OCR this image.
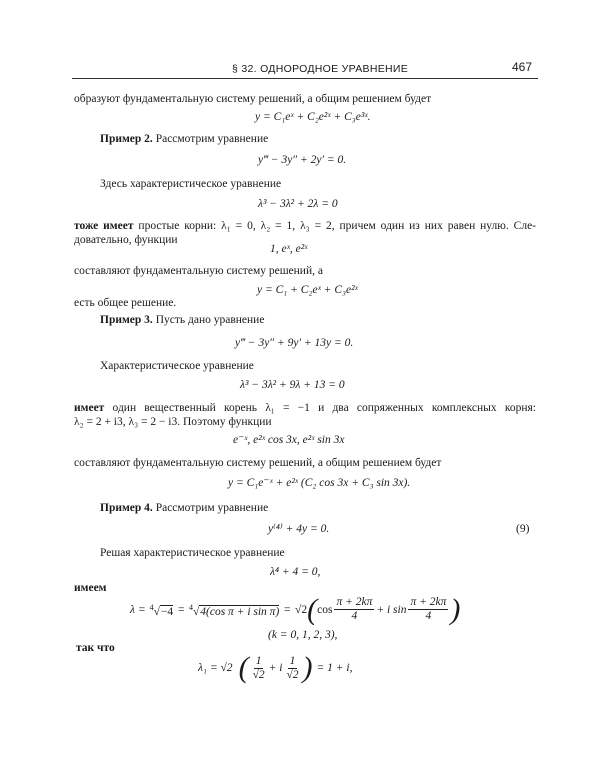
§ 32. ОДНОРОДНОЕ УРАВНЕНИЕ	467
образуют фундаментальную систему решений, а общим решением будет
y = C₁eˣ + C₂e²ˣ + C₃e³ˣ.
Пример 2. Рассмотрим уравнение
y‴ − 3y″ + 2y′ = 0.
Здесь характеристическое уравнение
λ³ − 3λ² + 2λ = 0
тоже имеет простые корни: λ₁ = 0, λ₂ = 1, λ₃ = 2, причем один из них равен нулю. Сле-
довательно, функции
1, eˣ, e²ˣ
составляют фундаментальную систему решений, а
y = C₁ + C₂eˣ + C₃e²ˣ
есть общее решение.
Пример 3. Пусть дано уравнение
y‴ − 3y″ + 9y′ + 13y = 0.
Характеристическое уравнение
λ³ − 3λ² + 9λ + 13 = 0
имеет один вещественный корень λ₁ = −1 и два сопряженных комплексных корня:
λ₂ = 2 + i3, λ₃ = 2 − i3. Поэтому функции
e⁻ˣ, e²ˣ cos 3x, e²ˣ sin 3x
составляют фундаментальную систему решений, а общим решением будет
y = C₁e⁻ˣ + e²ˣ (C₂ cos 3x + C₃ sin 3x).
Пример 4. Рассмотрим уравнение
y⁽⁴⁾ + 4y = 0.	(9)
Решая характеристическое уравнение
λ⁴ + 4 = 0,
имеем
λ = $^4$√−4 = $^4$√4(cos π + i sin π) = √2 ( $\cos \frac{\pi + 2k\pi}{4} + i$ $\sin \frac{\pi + 2k\pi}{4}$ )
(k = 0, 1, 2, 3),
так что
λ₁ = √2 ( $\frac{1}{√2} + i \frac{1}{√2}$ ) = 1 + i,
